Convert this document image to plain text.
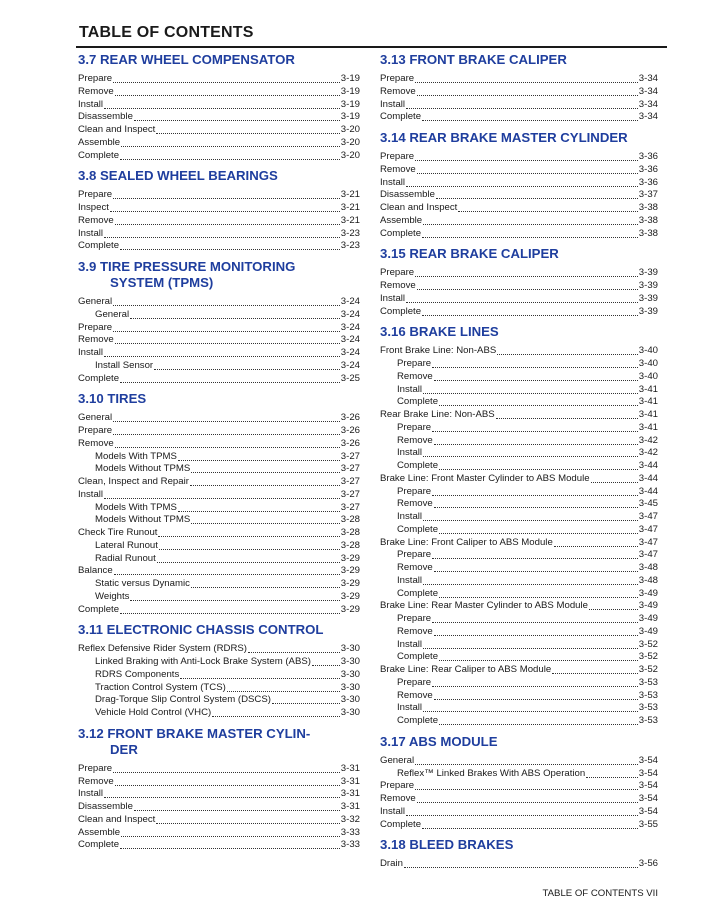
TABLE OF CONTENTS
3.7 REAR WHEEL COMPENSATOR
Prepare	3-19
Remove	3-19
Install	3-19
Disassemble	3-19
Clean and Inspect	3-20
Assemble	3-20
Complete	3-20
3.8 SEALED WHEEL BEARINGS
Prepare	3-21
Inspect	3-21
Remove	3-21
Install	3-23
Complete	3-23
3.9 TIRE PRESSURE MONITORING
SYSTEM (TPMS)
General	3-24
General	3-24
Prepare	3-24
Remove	3-24
Install	3-24
Install Sensor	3-24
Complete	3-25
3.10 TIRES
General	3-26
Prepare	3-26
Remove	3-26
Models With TPMS	3-27
Models Without TPMS	3-27
Clean, Inspect and Repair	3-27
Install	3-27
Models With TPMS	3-27
Models Without TPMS	3-28
Check Tire Runout	3-28
Lateral Runout	3-28
Radial Runout	3-29
Balance	3-29
Static versus Dynamic	3-29
Weights	3-29
Complete	3-29
3.11 ELECTRONIC CHASSIS CONTROL
Reflex Defensive Rider System (RDRS)	3-30
Linked Braking with Anti-Lock Brake System (ABS)	3-30
RDRS Components	3-30
Traction Control System (TCS)	3-30
Drag-Torque Slip Control System (DSCS)	3-30
Vehicle Hold Control (VHC)	3-30
3.12 FRONT BRAKE MASTER CYLIN-
DER
Prepare	3-31
Remove	3-31
Install	3-31
Disassemble	3-31
Clean and Inspect	3-32
Assemble	3-33
Complete	3-33
3.13 FRONT BRAKE CALIPER
Prepare	3-34
Remove	3-34
Install	3-34
Complete	3-34
3.14 REAR BRAKE MASTER CYLINDER
Prepare	3-36
Remove	3-36
Install	3-36
Disassemble	3-37
Clean and Inspect	3-38
Assemble	3-38
Complete	3-38
3.15 REAR BRAKE CALIPER
Prepare	3-39
Remove	3-39
Install	3-39
Complete	3-39
3.16 BRAKE LINES
Front Brake Line: Non-ABS	3-40
Prepare	3-40
Remove	3-40
Install	3-41
Complete	3-41
Rear Brake Line: Non-ABS	3-41
Prepare	3-41
Remove	3-42
Install	3-42
Complete	3-44
Brake Line: Front Master Cylinder to ABS Module	3-44
Prepare	3-44
Remove	3-45
Install	3-47
Complete	3-47
Brake Line: Front Caliper to ABS Module	3-47
Prepare	3-47
Remove	3-48
Install	3-48
Complete	3-49
Brake Line: Rear Master Cylinder to ABS Module	3-49
Prepare	3-49
Remove	3-49
Install	3-52
Complete	3-52
Brake Line: Rear Caliper to ABS Module	3-52
Prepare	3-53
Remove	3-53
Install	3-53
Complete	3-53
3.17 ABS MODULE
General	3-54
Reflex™ Linked Brakes With ABS Operation	3-54
Prepare	3-54
Remove	3-54
Install	3-54
Complete	3-55
3.18 BLEED BRAKES
Drain	3-56
TABLE OF CONTENTS VII
